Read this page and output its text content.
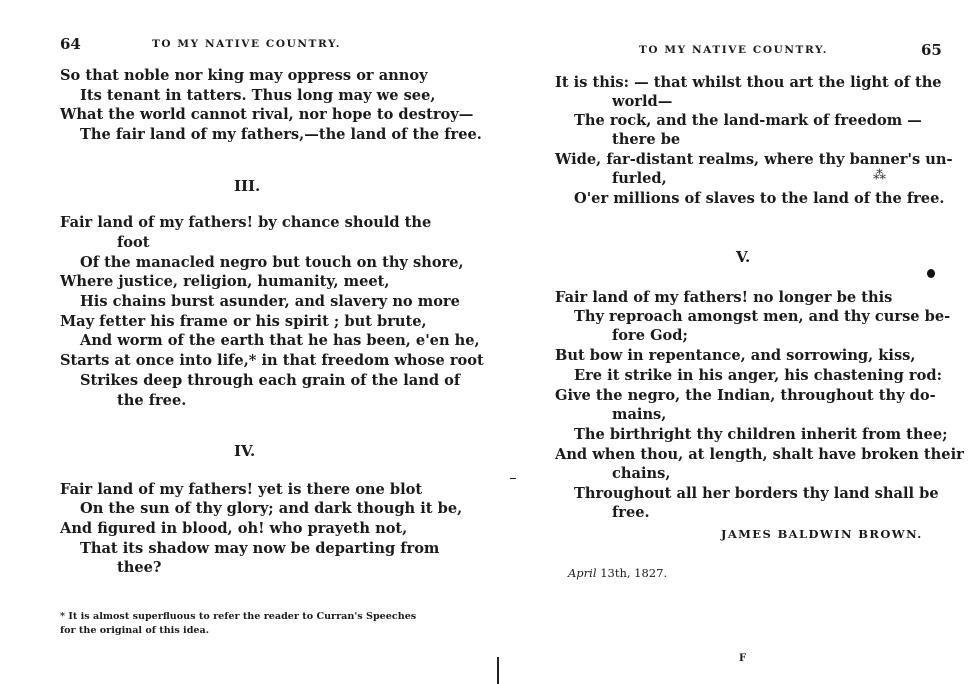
64	TO MY NATIVE COUNTRY.
So that noble nor king may oppress or annoy
Its tenant in tatters. Thus long may we see,
What the world cannot rival, nor hope to destroy—
The fair land of my fathers,—the land of the free.
III.
Fair land of my fathers! by chance should the
foot
Of the manacled negro but touch on thy shore,
Where justice, religion, humanity, meet,
His chains burst asunder, and slavery no more
May fetter his frame or his spirit ; but brute,
And worm of the earth that he has been, e'en he,
Starts at once into life,* in that freedom whose root
Strikes deep through each grain of the land of
the free.
IV.
Fair land of my fathers! yet is there one blot
On the sun of thy glory; and dark though it be,
And figured in blood, oh! who prayeth not,
That its shadow may now be departing from
thee?
* It is almost superfluous to refer the reader to Curran's Speeches
for the original of this idea.
TO MY NATIVE COUNTRY.	65
It is this: — that whilst thou art the light of the
world—
The rock, and the land-mark of freedom —
there be
Wide, far-distant realms, where thy banner's un-
furled,	⁂
O'er millions of slaves to the land of the free.
V.
Fair land of my fathers! no longer be this
Thy reproach amongst men, and thy curse be-
fore God;
But bow in repentance, and sorrowing, kiss,
Ere it strike in his anger, his chastening rod:
Give the negro, the Indian, throughout thy do-
mains,
The birthright thy children inherit from thee;
And when thou, at length, shalt have broken their
chains,
Throughout all her borders thy land shall be
free.
JAMES BALDWIN BROWN.
April 13th, 1827.
F
